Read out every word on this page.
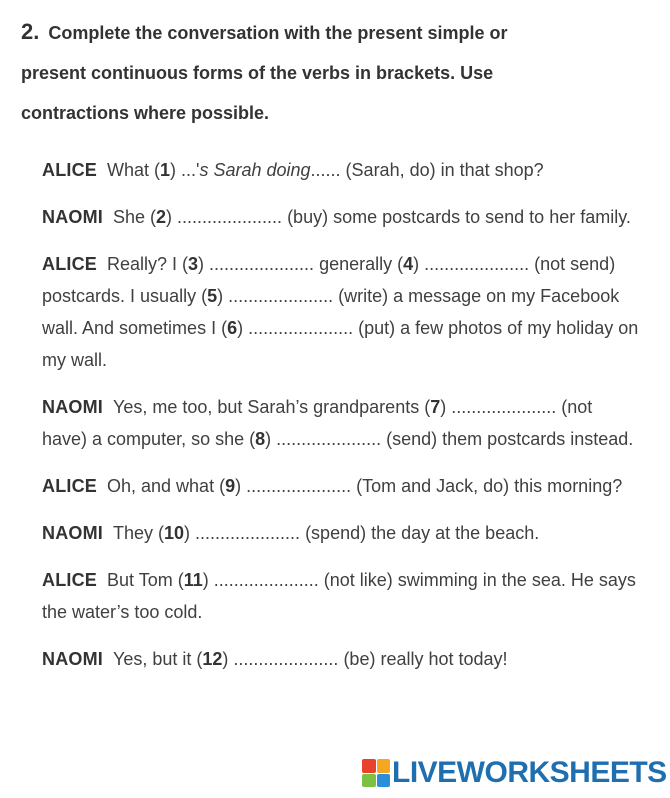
2. Complete the conversation with the present simple or
present continuous forms of the verbs in brackets. Use
contractions where possible.
ALICE What (1) ...'s Sarah doing...... (Sarah, do) in that shop?
NAOMI She (2) ..................... (buy) some postcards to send to her family.
ALICE Really? I (3) ..................... generally (4) ..................... (not send) postcards. I usually (5) ..................... (write) a message on my Facebook wall. And sometimes I (6) ..................... (put) a few photos of my holiday on my wall.
NAOMI Yes, me too, but Sarah’s grandparents (7) ..................... (not have) a computer, so she (8) ..................... (send) them postcards instead.
ALICE Oh, and what (9) ..................... (Tom and Jack, do) this morning?
NAOMI They (10) ..................... (spend) the day at the beach.
ALICE But Tom (11) ..................... (not like) swimming in the sea. He says the water’s too cold.
NAOMI Yes, but it (12) ..................... (be) really hot today!
LIVEWORKSHEETS
